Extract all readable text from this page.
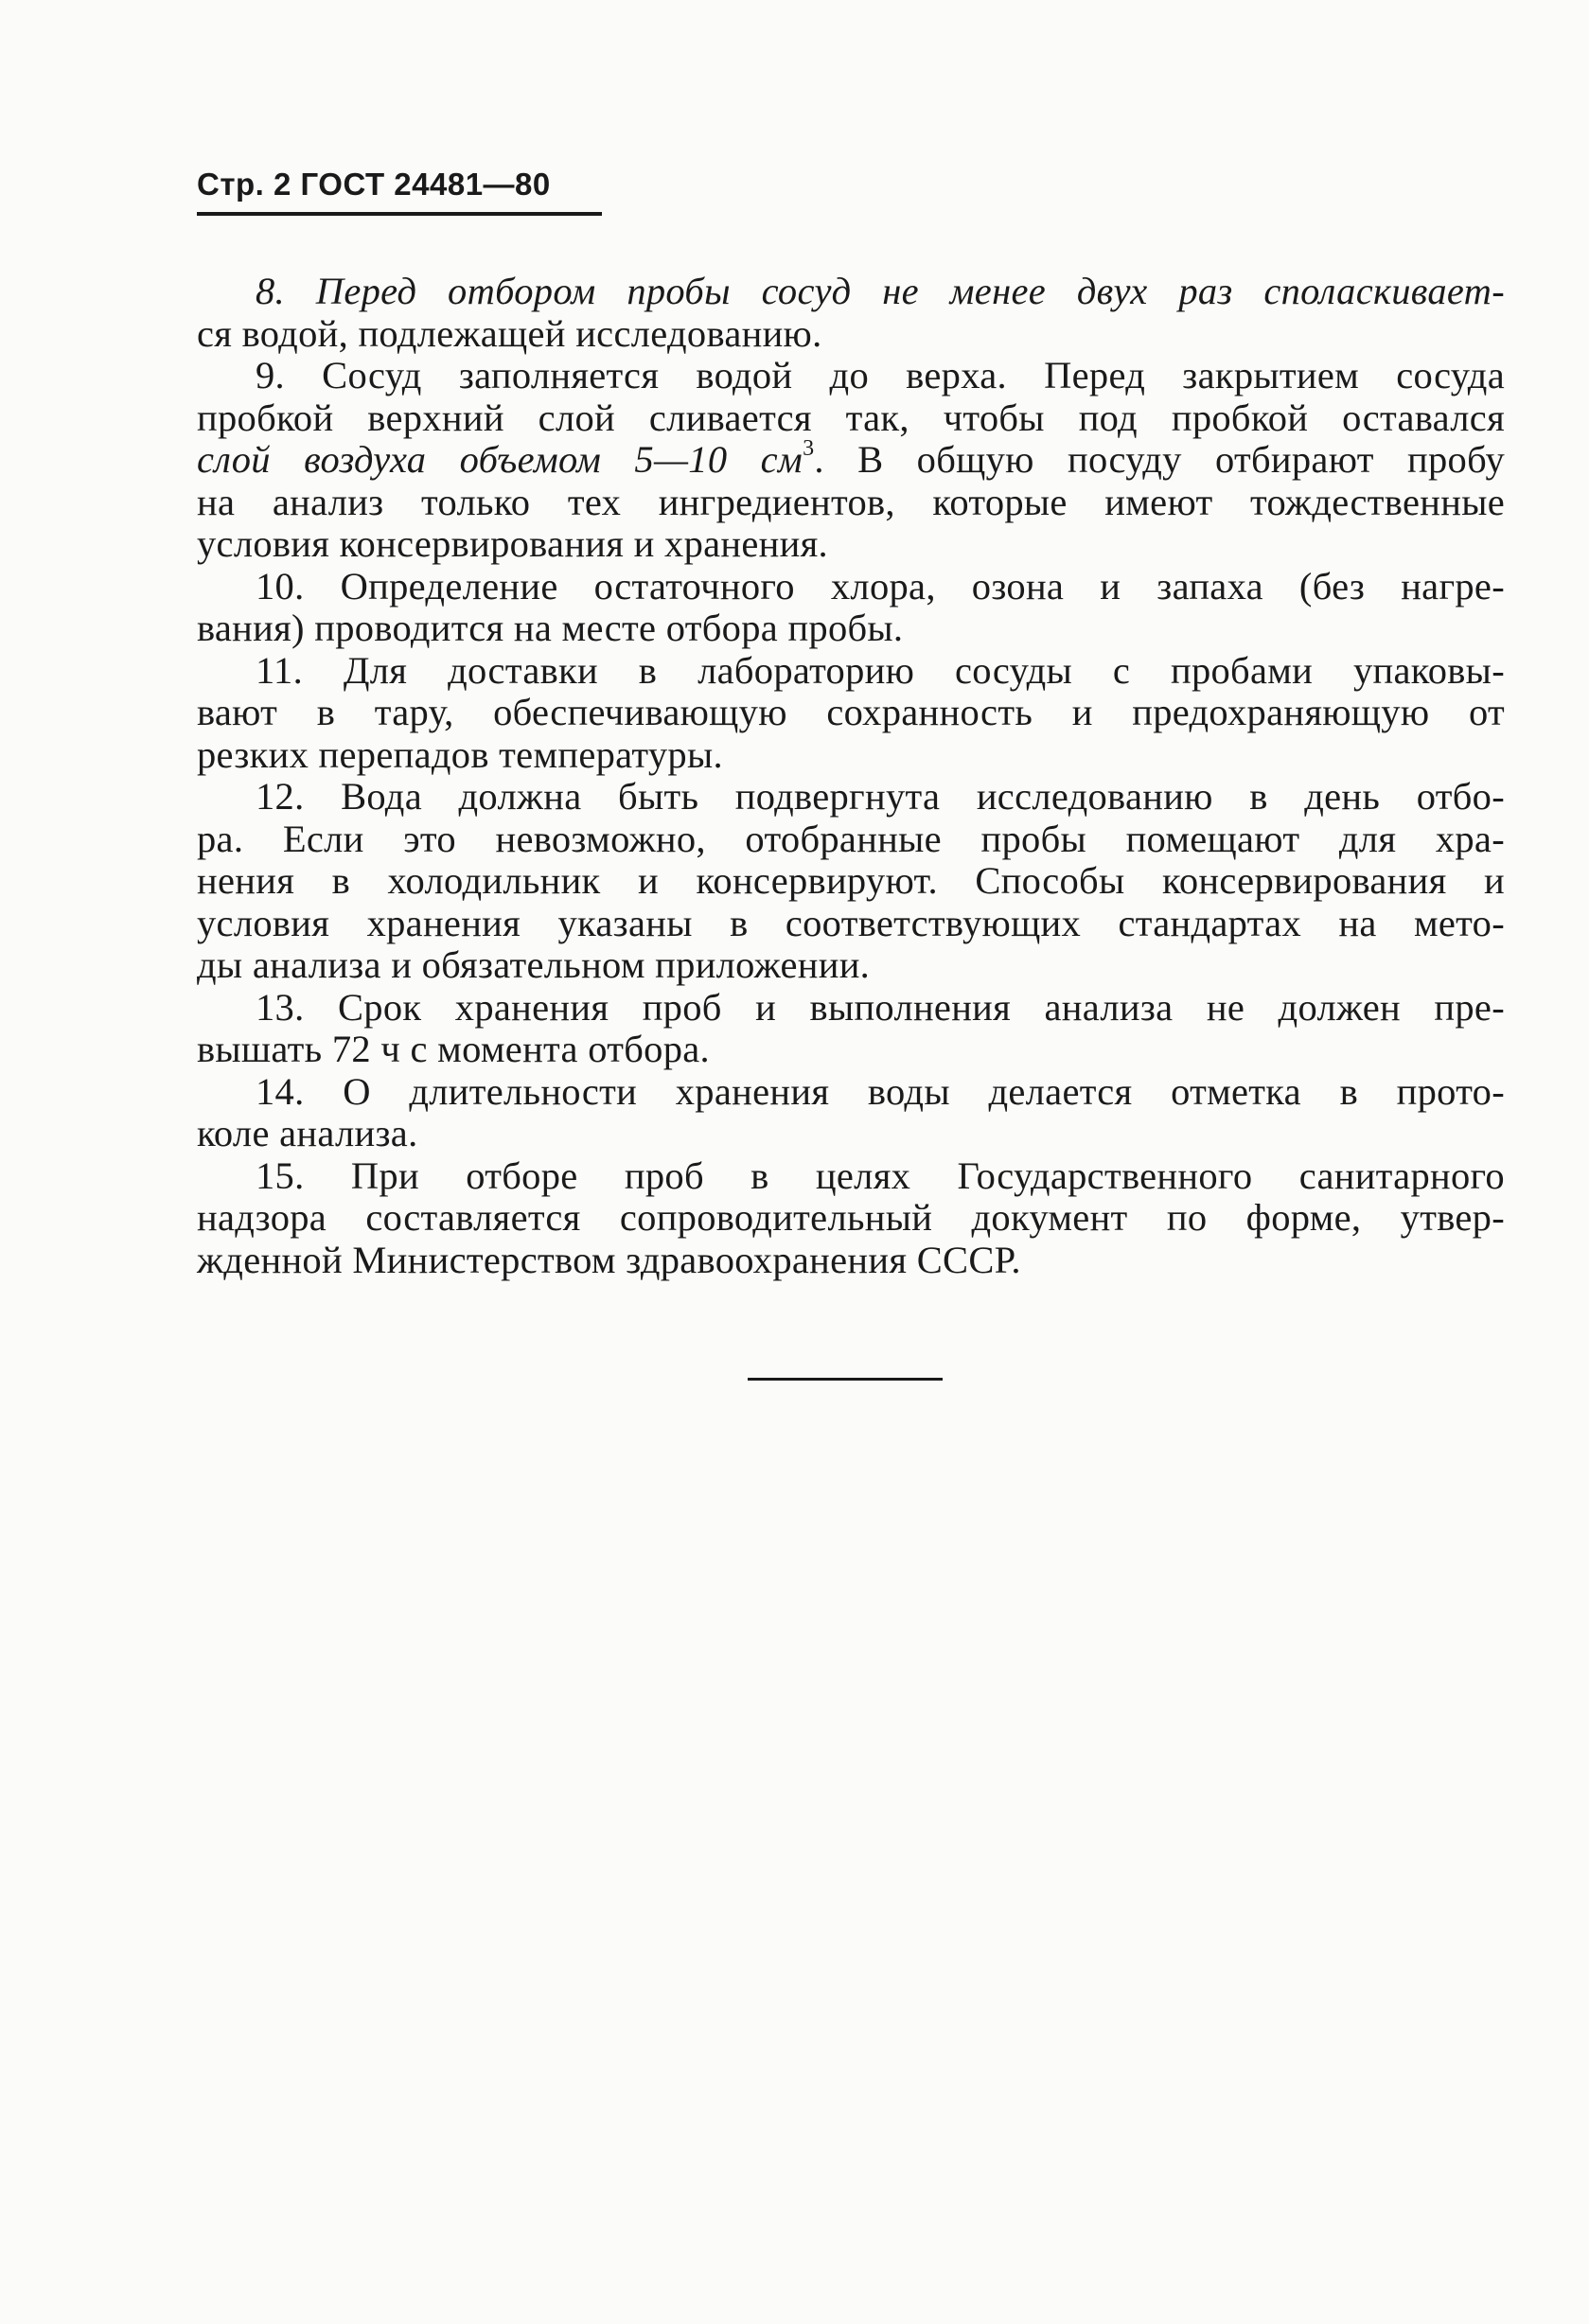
Стр. 2 ГОСТ 24481—80
8. Перед отбором пробы сосуд не менее двух раз споласкивает-
ся водой, подлежащей исследованию.
9. Сосуд заполняется водой до верха. Перед закрытием сосуда
пробкой верхний слой сливается так, чтобы под пробкой оставался
слой воздуха объемом 5—10 $см^3$. В общую посуду отбирают пробу
на анализ только тех ингредиентов, которые имеют тождественные
условия консервирования и хранения.
10. Определение остаточного хлора, озона и запаха (без нагре-
вания) проводится на месте отбора пробы.
11. Для доставки в лабораторию сосуды с пробами упаковы-
вают в тару, обеспечивающую сохранность и предохраняющую от
резких перепадов температуры.
12. Вода должна быть подвергнута исследованию в день отбо-
ра. Если это невозможно, отобранные пробы помещают для хра-
нения в холодильник и консервируют. Способы консервирования и
условия хранения указаны в соответствующих стандартах на мето-
ды анализа и обязательном приложении.
13. Срок хранения проб и выполнения анализа не должен пре-
вышать 72 ч с момента отбора.
14. О длительности хранения воды делается отметка в прото-
коле анализа.
15. При отборе проб в целях Государственного санитарного
надзора составляется сопроводительный документ по форме, утвер-
жденной Министерством здравоохранения СССР.
